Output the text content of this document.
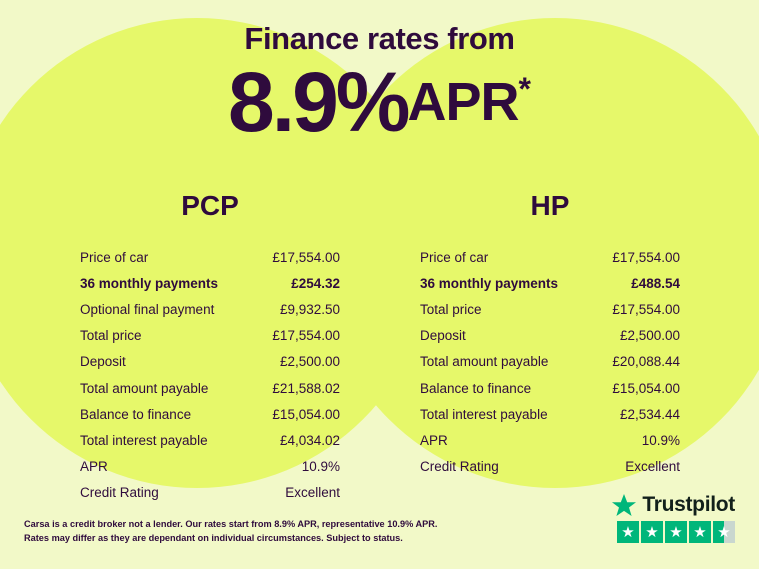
Finance rates from
8.9%APR*
PCP
Price of car	£17,554.00
36 monthly payments	£254.32
Optional final payment	£9,932.50
Total price	£17,554.00
Deposit	£2,500.00
Total amount payable	£21,588.02
Balance to finance	£15,054.00
Total interest payable	£4,034.02
APR	10.9%
Credit Rating	Excellent
HP
Price of car	£17,554.00
36 monthly payments	£488.54
Total price	£17,554.00
Deposit	£2,500.00
Total amount payable	£20,088.44
Balance to finance	£15,054.00
Total interest payable	£2,534.44
APR	10.9%
Credit Rating	Excellent
Carsa is a credit broker not a lender. Our rates start from 8.9% APR, representative 10.9% APR. Rates may differ as they are dependant on individual circumstances. Subject to status.
Trustpilot
★ ★ ★ ★ ★
